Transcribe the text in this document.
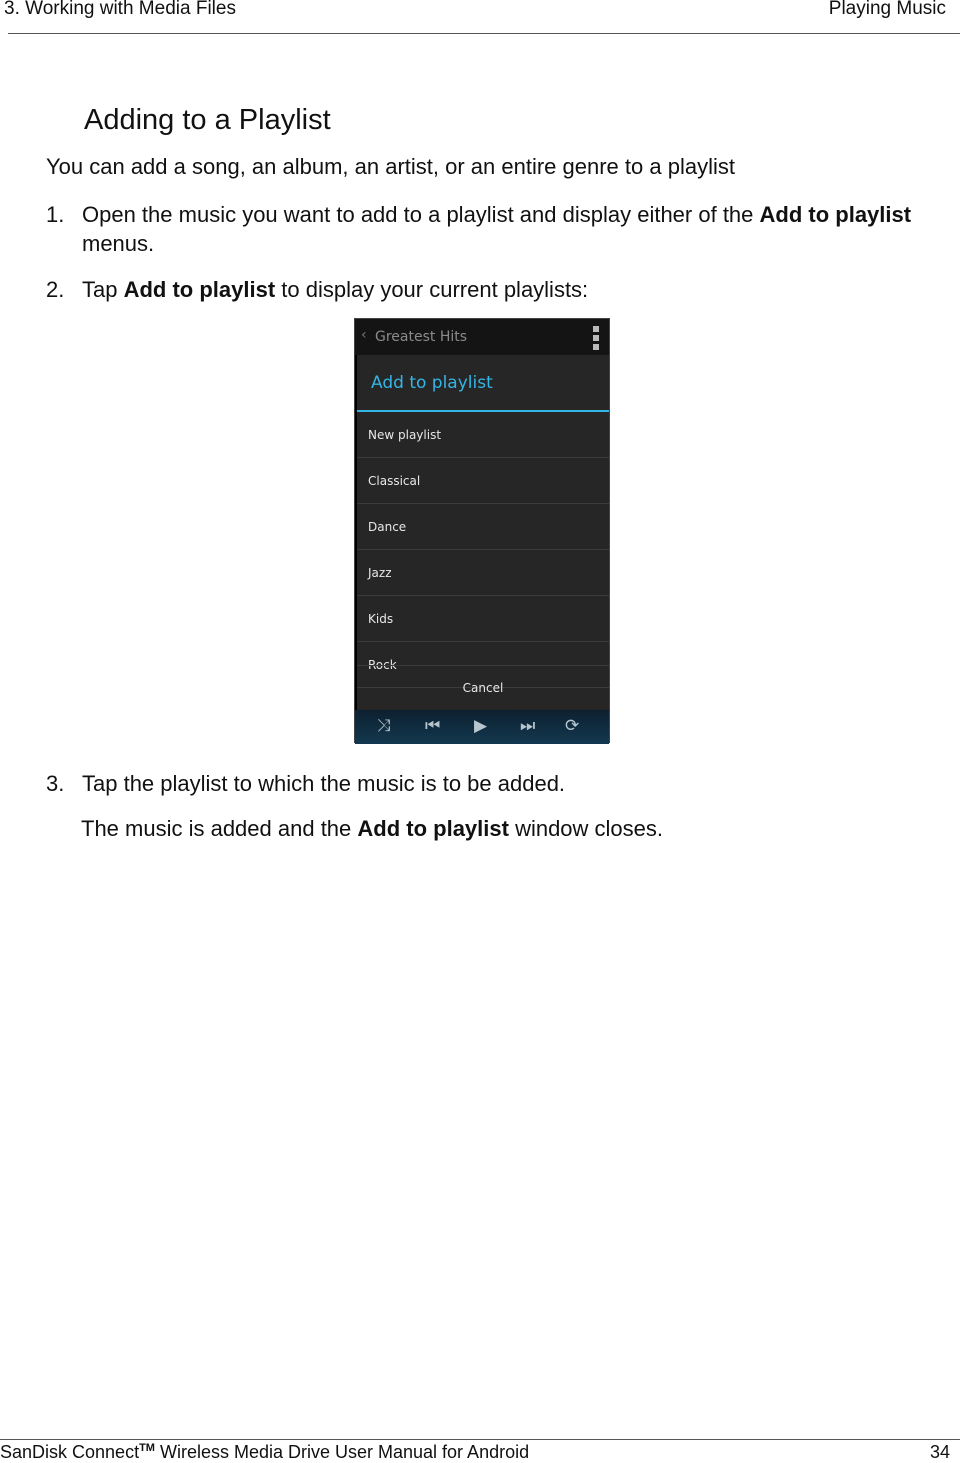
3. Working with Media Files	Playing Music
Adding to a Playlist
You can add a song, an album, an artist, or an entire genre to a playlist
1. Open the music you want to add to a playlist and display either of the Add to playlist menus.
2. Tap Add to playlist to display your current playlists:
‹ Greatest Hits
Add to playlist
New playlist
Classical
Dance
Jazz
Kids
Rock
Cancel
⤨ ⏮ ▶ ⏭ ⟳
3. Tap the playlist to which the music is to be added.
The music is added and the Add to playlist window closes.
SanDisk Connect™ Wireless Media Drive User Manual for Android	34
